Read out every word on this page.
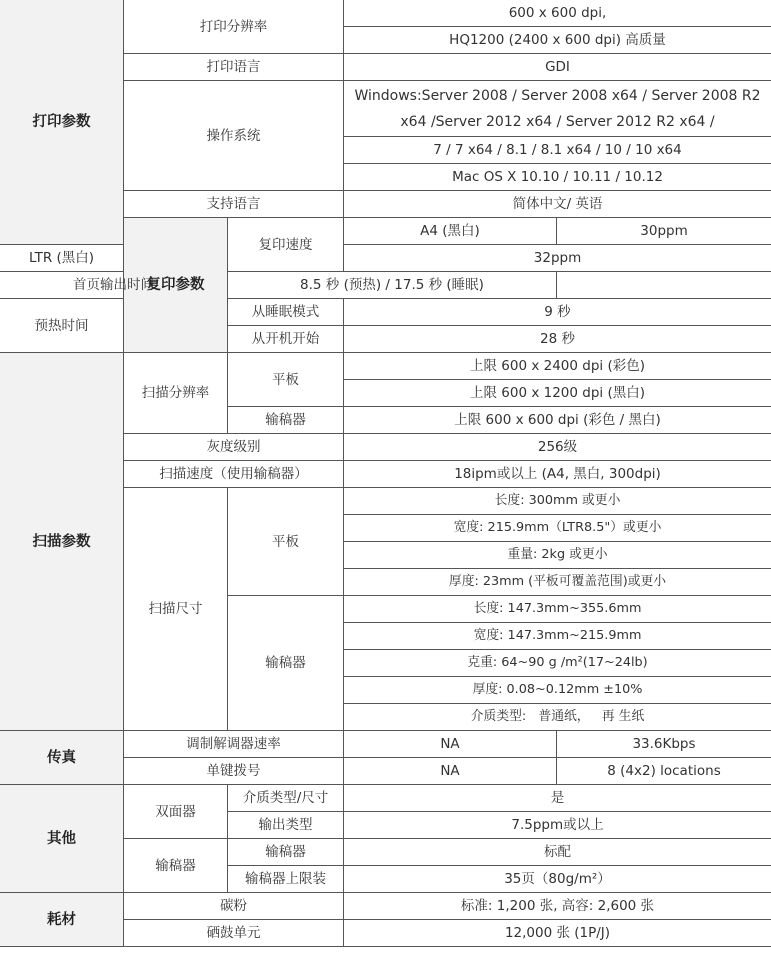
打印参数	打印分辨率		600 x 600 dpi,	
			HQ1200 (2400 x 600 dpi) 高质量	
	打印语言		GDI	
	操作系统		Windows:Server 2008 / Server 2008 x64 / Server 2008 R2 x64 /Server 2012 x64 / Server 2012 R2 x64 /	
			7 / 7 x64 / 8.1 / 8.1 x64 / 10 / 10 x64	
			Mac OS X 10.10 / 10.11 / 10.12	
	支持语言		简体中文/ 英语	
	复印参数	复印速度	A4 (黑白)	30ppm
LTR (黑白)			32ppm	
首页输出时间		8.5 秒 (预热) / 17.5 秒 (睡眠)		
预热时间		从睡眠模式	9 秒	
		从开机开始	28 秒	
扫描参数	扫描分辨率	平板	上限 600 x 2400 dpi (彩色)	
			上限 600 x 1200 dpi (黑白)	
		输稿器	上限 600 x 600 dpi (彩色 / 黑白)	
	灰度级别		256级	
	扫描速度（使用输稿器）		18ipm或以上 (A4, 黑白, 300dpi)	
	扫描尺寸	平板	长度: 300mm 或更小	
			宽度: 215.9mm（LTR8.5"）或更小	
			重量: 2kg 或更小	
			厚度: 23mm (平板可覆盖范围)或更小	
		输稿器	长度: 147.3mm~355.6mm	
			宽度: 147.3mm~215.9mm	
			克重: 64~90 g /m²(17~24lb)	
			厚度: 0.08~0.12mm ±10%	
			介质类型:   普通纸，   再 生纸	
传真	调制解调器速率		NA	33.6Kbps
	单键拨号		NA	8 (4x2) locations
其他	双面器	介质类型/尺寸	是	
		输出类型	7.5ppm或以上	
	输稿器	输稿器	标配	
		输稿器上限装	35页（80g/m²）	
耗材	碳粉		标准: 1,200 张, 高容: 2,600 张	
	硒鼓单元		12,000 张 (1P/J)	
